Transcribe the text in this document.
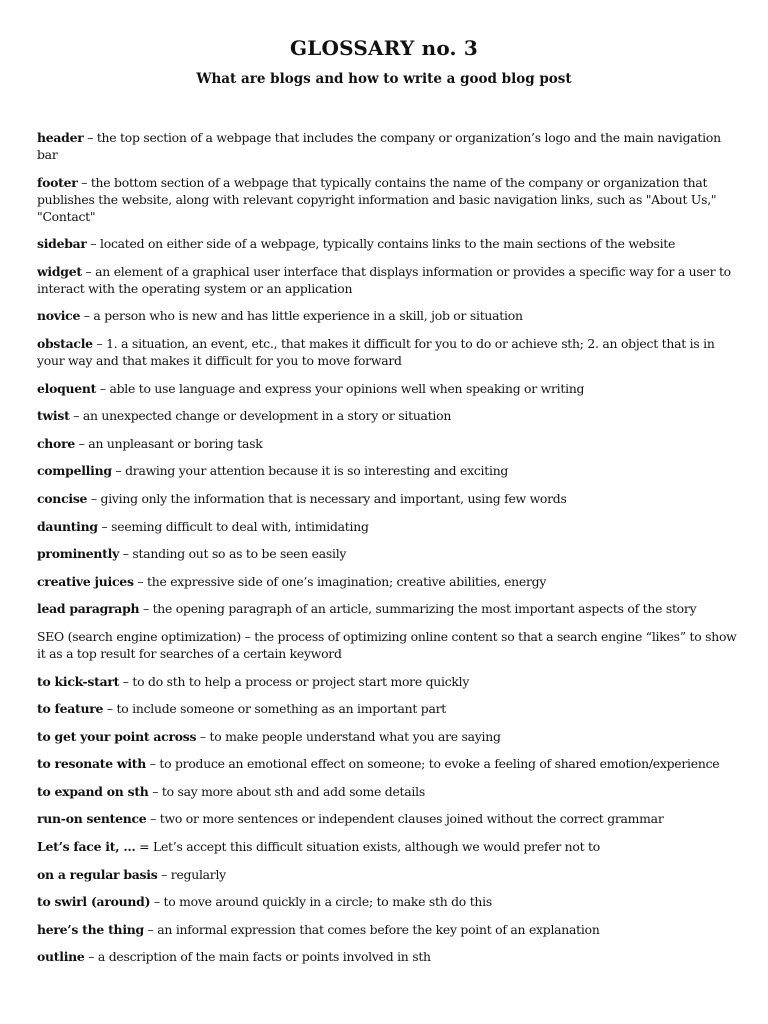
GLOSSARY no. 3
What are blogs and how to write a good blog post
header – the top section of a webpage that includes the company or organization’s logo and the main navigation bar
footer – the bottom section of a webpage that typically contains the name of the company or organization that publishes the website, along with relevant copyright information and basic navigation links, such as "About Us," "Contact"
sidebar – located on either side of a webpage, typically contains links to the main sections of the website
widget – an element of a graphical user interface that displays information or provides a specific way for a user to interact with the operating system or an application
novice – a person who is new and has little experience in a skill, job or situation
obstacle – 1. a situation, an event, etc., that makes it difficult for you to do or achieve sth; 2. an object that is in your way and that makes it difficult for you to move forward
eloquent – able to use language and express your opinions well when speaking or writing
twist – an unexpected change or development in a story or situation
chore – an unpleasant or boring task
compelling – drawing your attention because it is so interesting and exciting
concise – giving only the information that is necessary and important, using few words
daunting – seeming difficult to deal with, intimidating
prominently – standing out so as to be seen easily
creative juices – the expressive side of one’s imagination; creative abilities, energy
lead paragraph – the opening paragraph of an article, summarizing the most important aspects of the story
SEO (search engine optimization) – the process of optimizing online content so that a search engine “likes” to show it as a top result for searches of a certain keyword
to kick-start – to do sth to help a process or project start more quickly
to feature – to include someone or something as an important part
to get your point across – to make people understand what you are saying
to resonate with – to produce an emotional effect on someone; to evoke a feeling of shared emotion/experience
to expand on sth – to say more about sth and add some details
run-on sentence – two or more sentences or independent clauses joined without the correct grammar
Let’s face it, … = Let’s accept this difficult situation exists, although we would prefer not to
on a regular basis – regularly
to swirl (around) – to move around quickly in a circle; to make sth do this
here’s the thing – an informal expression that comes before the key point of an explanation
outline – a description of the main facts or points involved in sth
